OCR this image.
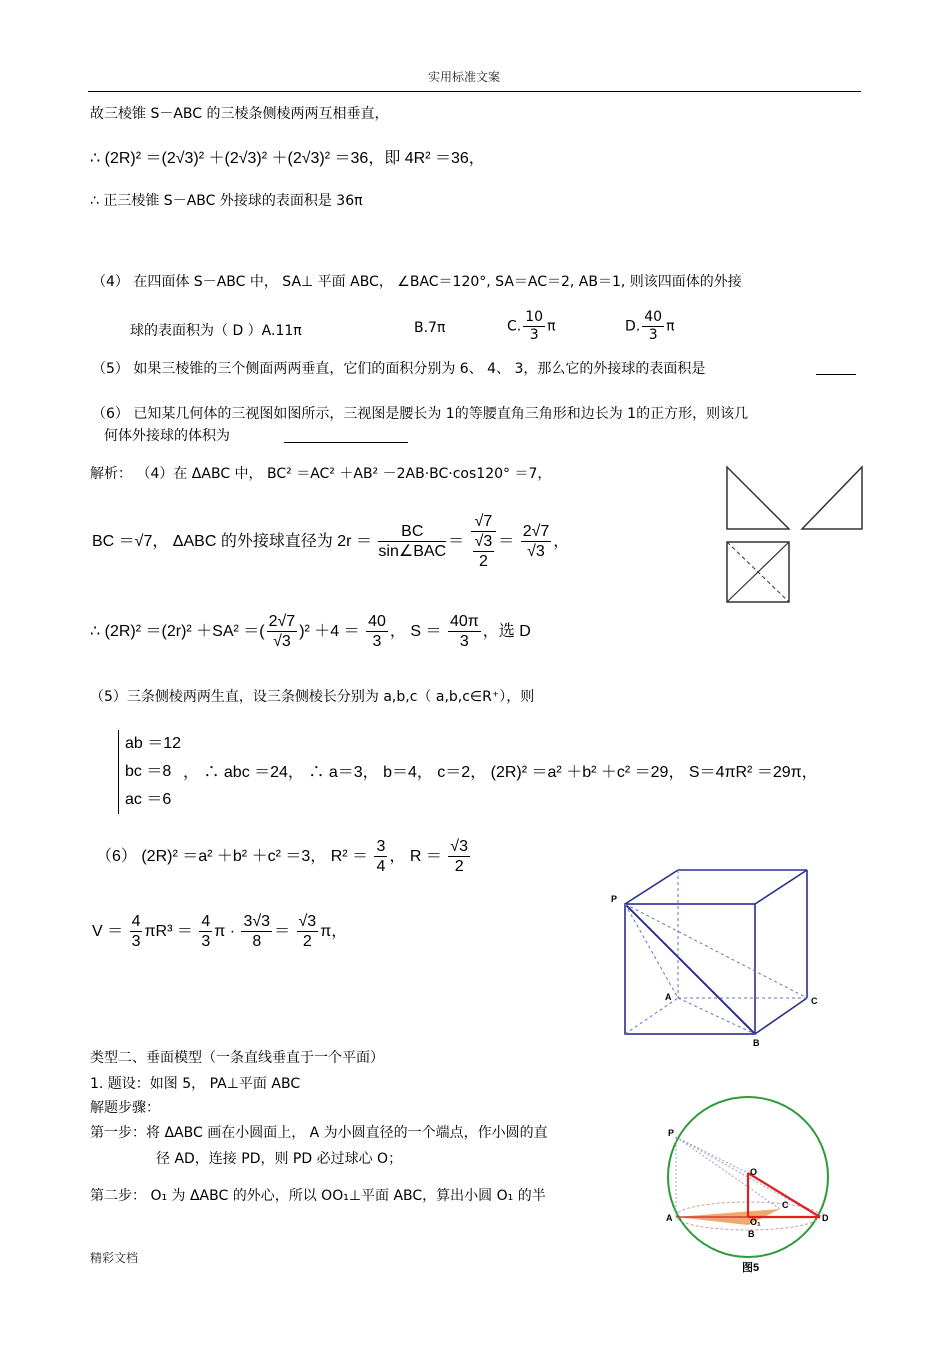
实用标准文案
故三棱锥 S－ABC 的三棱条侧棱两两互相垂直，
∴ (2R)² ＝(2√3)² ＋(2√3)² ＋(2√3)² ＝36，即 4R² ＝36，
∴ 正三棱锥 S－ABC 外接球的表面积是 36π
（4） 在四面体 S－ABC 中， SA⊥ 平面 ABC， ∠BAC＝120°, SA＝AC＝2, AB＝1, 则该四面体的外接
球的表面积为（ D ）A.11π	B.7π	C. $\frac{10}{3}$ π	D. $\frac{40}{3}$ π
（5） 如果三棱锥的三个侧面两两垂直，它们的面积分别为 6、 4、 3，那么它的外接球的表面积是
（6） 已知某几何体的三视图如图所示，三视图是腰长为 1的等腰直角三角形和边长为 1的正方形，则该几
何体外接球的体积为
解析： （4）在 ΔABC 中， BC² ＝AC² ＋AB² －2AB·BC·cos120° ＝7，
BC ＝√7， ΔABC 的外接球直径为 $2r = \frac{BC}{\text{sin∠BAC}} = \frac{√7}{\frac{√3}{2}} = \frac{2√7}{√3}$ ，
∴ (2R)² ＝(2r)² ＋SA² ＝( $\frac{2√7}{√3} )^2 +4 = \frac{40}{3}$ ， $S = \frac{40\pi}{3}$ ，选 D
（5）三条侧棱两两生直，设三条侧棱长分别为 a,b,c（ a,b,c∈R⁺），则
ab ＝12
bc ＝8
ac ＝6
， ∴ abc ＝24， ∴ a＝3， b＝4， c＝2， (2R)² ＝a² ＋b² ＋c² ＝29， S＝4πR² ＝29π，
（6） (2R)² ＝a² ＋b² ＋c² ＝3， $R^2 = \frac{3}{4}$ ， $R = \frac{√3}{2}$
$V = \frac{4}{3} \pi R^3 = \frac{4}{3}$ $\pi \cdot \frac{3√3}{8} = \frac{√3}{2}$ π，
类型二、垂面模型（一条直线垂直于一个平面）
1. 题设：如图 5， PA⊥平面 ABC
解题步骤：
第一步：将 ΔABC 画在小圆面上， A 为小圆直径的一个端点，作小圆的直
径 AD，连接 PD，则 PD 必过球心 O；
第二步： O₁ 为 ΔABC 的外心，所以 OO₁⊥平面 ABC，算出小圆 O₁ 的半
精彩文档
P
A	C
B
P
O
A
C
D
O₁
B
图5
